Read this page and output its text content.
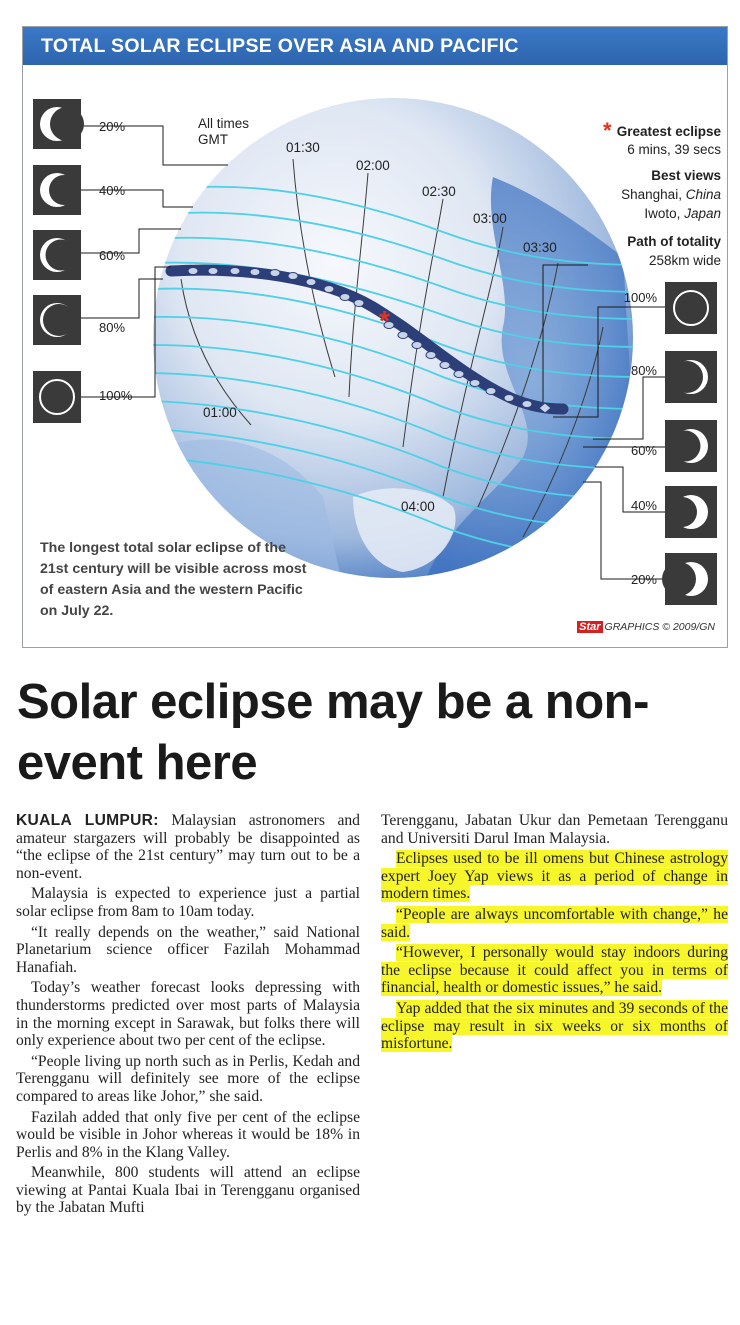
*
20%
40%
60%
80%
100%
100%
80%
60%
40%
20%
01:00
01:30
02:00
02:30
03:00
03:30
04:00
All times
GMT	* Greatest eclipse
6 mins, 39 secs
Best views
Shanghai, China
Iwoto, Japan
Path of totality
258km wide
TOTAL SOLAR ECLIPSE OVER ASIA AND PACIFIC
The longest total solar eclipse of the 21st century will be visible across most of eastern Asia and the western Pacific on July 22.
Star GRAPHICS © 2009/GN
Solar eclipse may be a non-event here

KUALA LUMPUR: Malaysian astronomers and amateur stargazers will probably be disappointed as “the eclipse of the 21st century” may turn out to be a non-event.

Malaysia is expected to experience just a partial solar eclipse from 8am to 10am today.

“It really depends on the weather,” said National Planetarium science officer Fazilah Mohammad Hanafiah.

Today’s weather forecast looks depressing with thunderstorms predicted over most parts of Malaysia in the morning except in Sarawak, but folks there will only experience about two per cent of the eclipse.

“People living up north such as in Perlis, Kedah and Terengganu will definitely see more of the eclipse compared to areas like Johor,” she said.

Fazilah added that only five per cent of the eclipse would be visible in Johor whereas it would be 18% in Perlis and 8% in the Klang Valley.

Meanwhile, 800 students will attend an eclipse viewing at Pantai Kuala Ibai in Terengganu organised by the Jabatan Mufti

Terengganu, Jabatan Ukur dan Pemetaan Terengganu and Universiti Darul Iman Malaysia.

Eclipses used to be ill omens but Chinese astrology expert Joey Yap views it as a period of change in modern times.

“People are always uncomfortable with change,” he said.

“However, I personally would stay indoors during the eclipse because it could affect you in terms of financial, health or domestic issues,” he said.

Yap added that the six minutes and 39 seconds of the eclipse may result in six weeks or six months of misfortune.
